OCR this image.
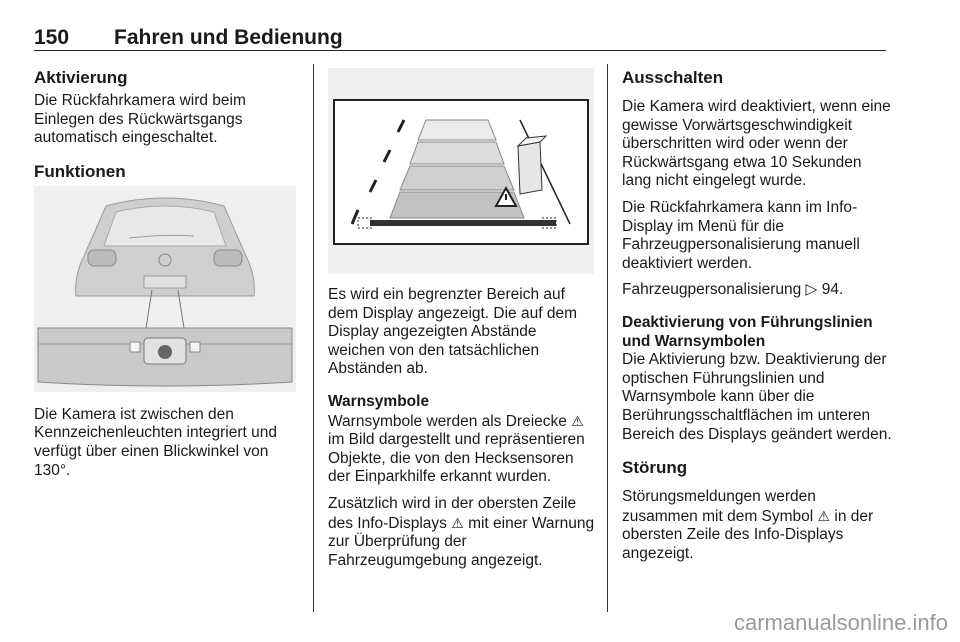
150 Fahren und Bedienung
Aktivierung

Die Rückfahrkamera wird beim Einlegen des Rückwärtsgangs automatisch eingeschaltet.

Funktionen

Die Kamera ist zwischen den Kennzeichenleuchten integriert und verfügt über einen Blickwinkel von 130°.

Es wird ein begrenzter Bereich auf dem Display angezeigt. Die auf dem Display angezeigten Abstände weichen von den tatsächlichen Abständen ab.

Warnsymbole

Warnsymbole werden als Dreiecke ⚠ im Bild dargestellt und repräsentieren Objekte, die von den Hecksensoren der Einparkhilfe erkannt wurden.

Zusätzlich wird in der obersten Zeile des Info-Displays ⚠ mit einer Warnung zur Überprüfung der Fahrzeugumgebung angezeigt.

Ausschalten

Die Kamera wird deaktiviert, wenn eine gewisse Vorwärtsgeschwindigkeit überschritten wird oder wenn der Rückwärtsgang etwa 10 Sekunden lang nicht eingelegt wurde.

Die Rückfahrkamera kann im Info-Display im Menü für die Fahrzeugpersonalisierung manuell deaktiviert werden.

Fahrzeugpersonalisierung ▷ 94.

Deaktivierung von Führungslinien und Warnsymbolen

Die Aktivierung bzw. Deaktivierung der optischen Führungslinien und Warnsymbole kann über die Berührungsschaltflächen im unteren Bereich des Displays geändert werden.

Störung

Störungsmeldungen werden zusammen mit dem Symbol ⚠ in der obersten Zeile des Info-Displays angezeigt.

carmanualsonline.info
